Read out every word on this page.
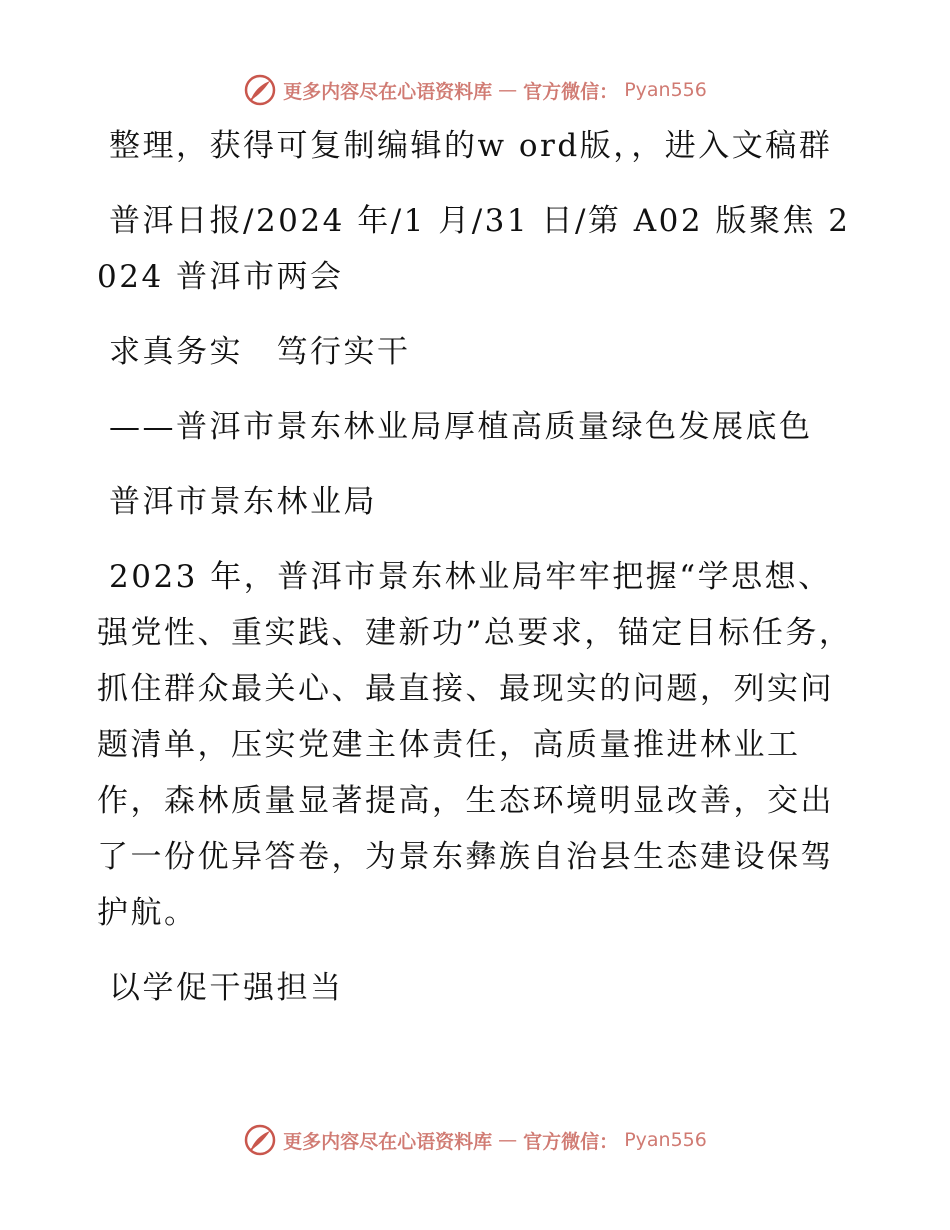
更多内容尽在心语资料库 — 官方微信： Pyan556

整理，获得可复制编辑的w ord版，，进入文稿群

普洱日报/2024 年/1 月/31 日/第 A02 版聚焦 2024 普洱市两会

求真务实　笃行实干

——普洱市景东林业局厚植高质量绿色发展底色

普洱市景东林业局

2023 年，普洱市景东林业局牢牢把握“学思想、强党性、重实践、建新功”总要求，锚定目标任务，抓住群众最关心、最直接、最现实的问题，列实问题清单，压实党建主体责任，高质量推进林业工作，森林质量显著提高，生态环境明显改善，交出了一份优异答卷，为景东彝族自治县生态建设保驾护航。

以学促干强担当

更多内容尽在心语资料库 — 官方微信： Pyan556
